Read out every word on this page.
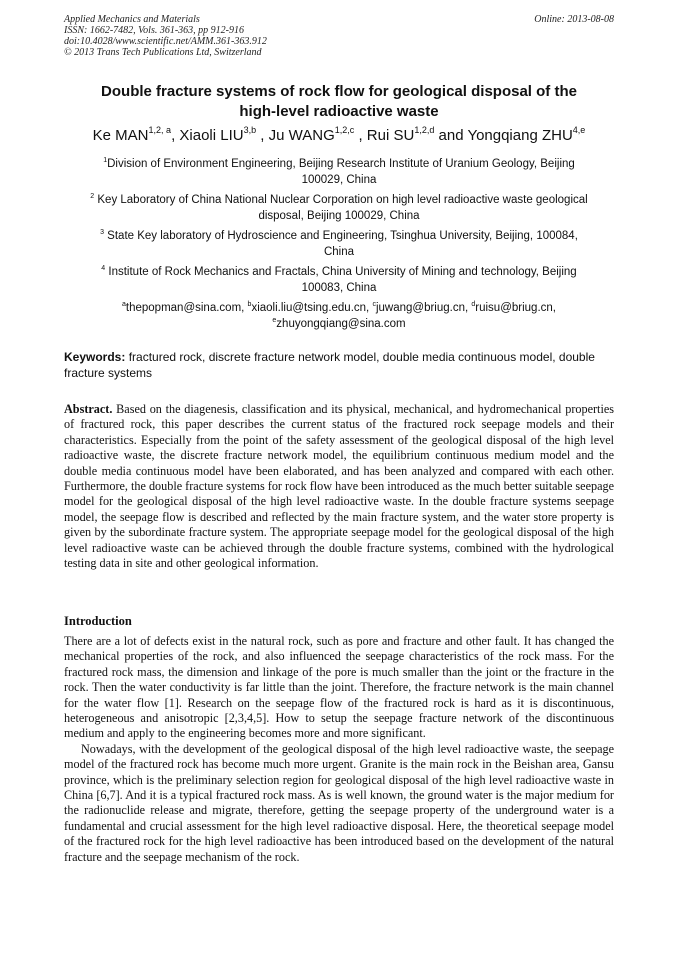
Applied Mechanics and Materials
ISSN: 1662-7482, Vols. 361-363, pp 912-916
doi:10.4028/www.scientific.net/AMM.361-363.912
© 2013 Trans Tech Publications Ltd, Switzerland
Online: 2013-08-08
Double fracture systems of rock flow for geological disposal of the
high-level radioactive waste
Ke MAN$^{1,2, a}$, Xiaoli LIU$^{3,b}$ , Ju WANG$^{1,2,c}$ , Rui SU$^{1,2,d}$ and Yongqiang ZHU$^{4,e}$
$^1$Division of Environment Engineering, Beijing Research Institute of Uranium Geology, Beijing
100029, China
$^2$ Key Laboratory of China National Nuclear Corporation on high level radioactive waste geological
disposal, Beijing 100029, China
$^3$ State Key laboratory of Hydroscience and Engineering, Tsinghua University, Beijing, 100084,
China
$^4$ Institute of Rock Mechanics and Fractals, China University of Mining and technology, Beijing
100083, China
$^a$thepopman@sina.com, $^b$xiaoli.liu@tsing.edu.cn, $^c$juwang@briug.cn, $^d$ruisu@briug.cn,
$^e$zhuyongqiang@sina.com
Keywords: fractured rock, discrete fracture network model, double media continuous model, double fracture systems
Abstract. Based on the diagenesis, classification and its physical, mechanical, and hydromechanical properties of fractured rock, this paper describes the current status of the fractured rock seepage models and their characteristics. Especially from the point of the safety assessment of the geological disposal of the high level radioactive waste, the discrete fracture network model, the equilibrium continuous medium model and the double media continuous model have been elaborated, and has been analyzed and compared with each other. Furthermore, the double fracture systems for rock flow have been introduced as the much better suitable seepage model for the geological disposal of the high level radioactive waste. In the double fracture systems seepage model, the seepage flow is described and reflected by the main fracture system, and the water store property is given by the subordinate fracture system. The appropriate seepage model for the geological disposal of the high level radioactive waste can be achieved through the double fracture systems, combined with the hydrological testing data in site and other geological information.
Introduction

There are a lot of defects exist in the natural rock, such as pore and fracture and other fault. It has changed the mechanical properties of the rock, and also influenced the seepage characteristics of the rock mass. For the fractured rock mass, the dimension and linkage of the pore is much smaller than the joint or the fracture in the rock. Then the water conductivity is far little than the joint. Therefore, the fracture network is the main channel for the water flow [1]. Research on the seepage flow of the fractured rock is hard as it is discontinuous, heterogeneous and anisotropic [2,3,4,5]. How to setup the seepage fracture network of the discontinuous medium and apply to the engineering becomes more and more significant.

Nowadays, with the development of the geological disposal of the high level radioactive waste, the seepage model of the fractured rock has become much more urgent. Granite is the main rock in the Beishan area, Gansu province, which is the preliminary selection region for geological disposal of the high level radioactive waste in China [6,7]. And it is a typical fractured rock mass. As is well known, the ground water is the major medium for the radionuclide release and migrate, therefore, getting the seepage property of the underground water is a fundamental and crucial assessment for the high level radioactive disposal. Here, the theoretical seepage model of the fractured rock for the high level radioactive has been introduced based on the development of the natural fracture and the seepage mechanism of the rock.
